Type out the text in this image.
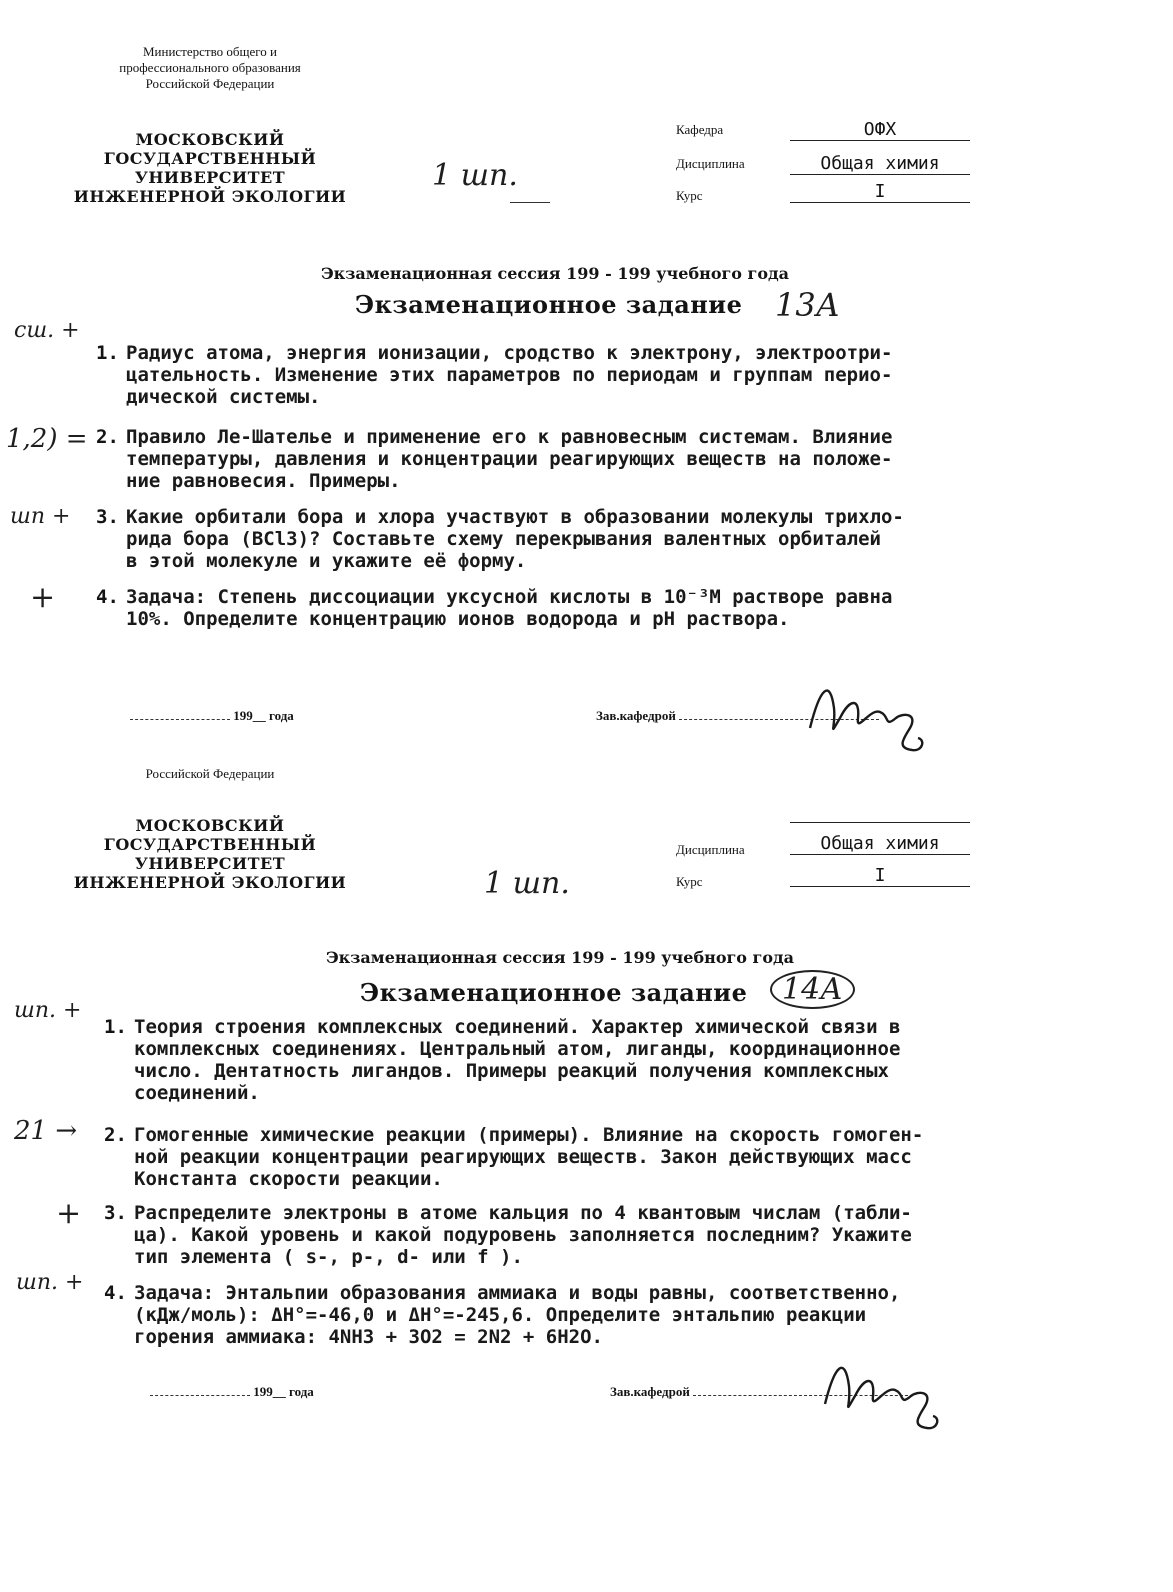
Министерство общего и
профессионального образования
Российской Федерации
МОСКОВСКИЙ
ГОСУДАРСТВЕННЫЙ
УНИВЕРСИТЕТ
ИНЖЕНЕРНОЙ ЭКОЛОГИИ
1 шп.
Кафедра	ОФХ
Дисциплина	Общая химия
Курс	I
Экзаменационная сессия 199 - 199 учебного года
Экзаменационное задание 13А
сш. +
1. Радиус атома, энергия ионизации, сродство к электрону, электроотри-
цательность. Изменение этих параметров по периодам и группам перио-
дической системы.
1,2) = 2. Правило Ле-Шателье и применение его к равновесным системам. Влияние
температуры, давления и концентрации реагирующих веществ на положе-
ние равновесия. Примеры.
шп + 3. Какие орбитали бора и хлора участвуют в образовании молекулы трихло-
рида бора (BCl3)? Составьте схему перекрывания валентных орбиталей
в этой молекуле и укажите её форму.
+ 4. Задача: Степень диссоциации уксусной кислоты в 10⁻³М растворе равна
10%. Определите концентрацию ионов водорода и рН раствора.
199__ года	Зав.кафедрой
Российской Федерации
МОСКОВСКИЙ
ГОСУДАРСТВЕННЫЙ
УНИВЕРСИТЕТ
ИНЖЕНЕРНОЙ ЭКОЛОГИИ	1 шп.
Дисциплина	Общая химия
Курс	I
Экзаменационная сессия 199 - 199 учебного года
Экзаменационное задание	14А
шп. +
1. Теория строения комплексных соединений. Характер химической связи в
комплексных соединениях. Центральный атом, лиганды, координационное
число. Дентатность лигандов. Примеры реакций получения комплексных
соединений.
21 → 2. Гомогенные химические реакции (примеры). Влияние на скорость гомоген-
ной реакции концентрации реагирующих веществ. Закон действующих масс
Константа скорости реакции.
+ 3. Распределите электроны в атоме кальция по 4 квантовым числам (табли-
ца). Какой уровень и какой подуровень заполняется последним? Укажите
тип элемента ( s-, p-, d- или f ).
шп. + 4. Задача: Энтальпии образования аммиака и воды равны, соответственно,
(кДж/моль): ΔH°=-46,0 и ΔH°=-245,6. Определите энтальпию реакции
горения аммиака: 4NH3 + 3O2 = 2N2 + 6H2O.
199__ года	Зав.кафедрой
